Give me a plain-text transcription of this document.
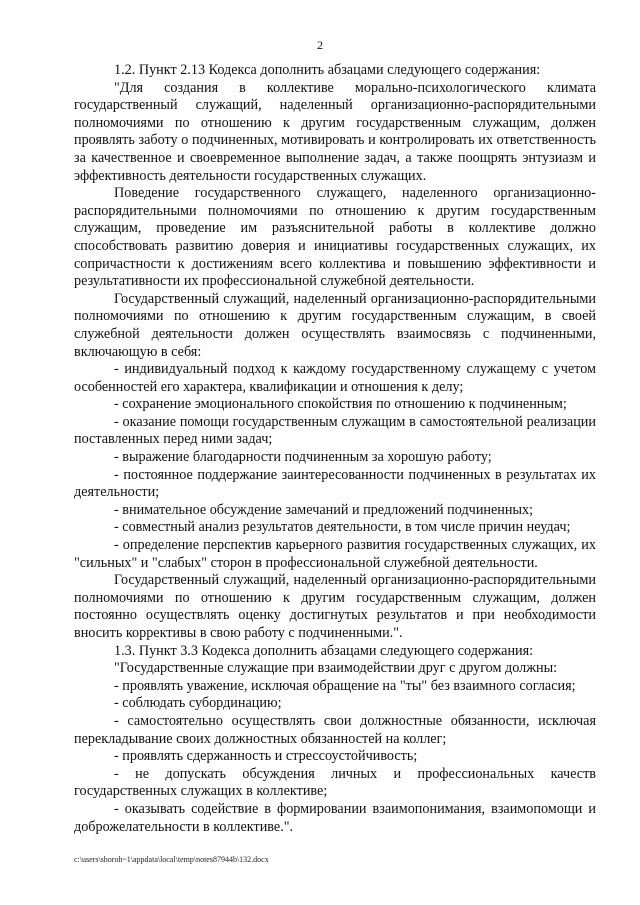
2

1.2. Пункт 2.13 Кодекса дополнить абзацами следующего содержания:

"Для создания в коллективе морально-психологического климата государственный служащий, наделенный организационно-распорядительными полномочиями по отношению к другим государственным служащим, должен проявлять заботу о подчиненных, мотивировать и контролировать их ответственность за качественное и своевременное выполнение задач, а также поощрять энтузиазм и эффективность деятельности государственных служащих.

Поведение государственного служащего, наделенного организационно-распорядительными полномочиями по отношению к другим государственным служащим, проведение им разъяснительной работы в коллективе должно способствовать развитию доверия и инициативы государственных служащих, их сопричастности к достижениям всего коллектива и повышению эффективности и результативности их профессиональной служебной деятельности.

Государственный служащий, наделенный организационно-распорядительными полномочиями по отношению к другим государственным служащим, в своей служебной деятельности должен осуществлять взаимосвязь с подчиненными, включающую в себя:

- индивидуальный подход к каждому государственному служащему с учетом особенностей его характера, квалификации и отношения к делу;

- сохранение эмоционального спокойствия по отношению к подчиненным;

- оказание помощи государственным служащим в самостоятельной реализации поставленных перед ними задач;

- выражение благодарности подчиненным за хорошую работу;

- постоянное поддержание заинтересованности подчиненных в результатах их деятельности;

- внимательное обсуждение замечаний и предложений подчиненных;

- совместный анализ результатов деятельности, в том числе причин неудач;

- определение перспектив карьерного развития государственных служащих, их "сильных" и "слабых" сторон в профессиональной служебной деятельности.

Государственный служащий, наделенный организационно-распорядительными полномочиями по отношению к другим государственным служащим, должен постоянно осуществлять оценку достигнутых результатов и при необходимости вносить коррективы в свою работу с подчиненными.".

1.3. Пункт 3.3 Кодекса дополнить абзацами следующего содержания:

"Государственные служащие при взаимодействии друг с другом должны:

- проявлять уважение, исключая обращение на "ты" без взаимного согласия;

- соблюдать субординацию;

- самостоятельно осуществлять свои должностные обязанности, исключая перекладывание своих должностных обязанностей на коллег;

- проявлять сдержанность и стрессоустойчивость;

- не допускать обсуждения личных и профессиональных качеств государственных служащих в коллективе;

- оказывать содействие в формировании взаимопонимания, взаимопомощи и доброжелательности в коллективе.".

c:\users\shoroh~1\appdata\local\temp\notes87944b\132.docx
